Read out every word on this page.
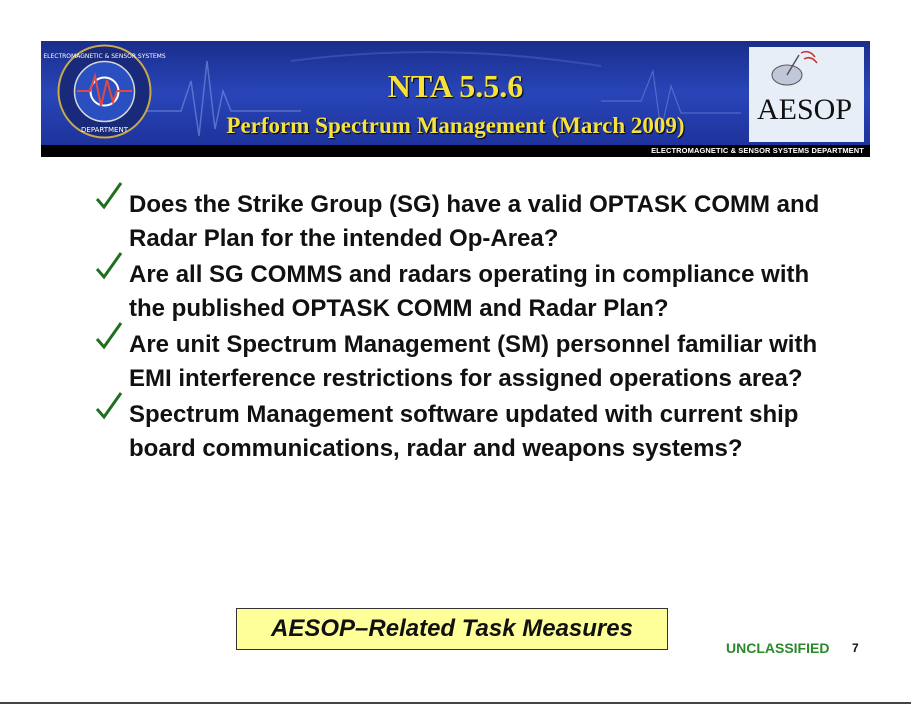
ELECTROMAGNETIC & SENSOR SYSTEMS
DEPARTMENT
NTA 5.5.6
Perform Spectrum Management (March 2009)	AESOP
ELECTROMAGNETIC & SENSOR SYSTEMS DEPARTMENT
Does the Strike Group (SG) have a valid OPTASK COMM and Radar Plan for the intended Op-Area?
Are all SG COMMS and radars operating in compliance with the published OPTASK COMM and Radar Plan?
Are unit Spectrum Management (SM) personnel familiar with EMI interference restrictions for assigned operations area?
Spectrum Management software updated with current ship board communications, radar and weapons systems?
AESOP–Related Task Measures
UNCLASSIFIED 7
